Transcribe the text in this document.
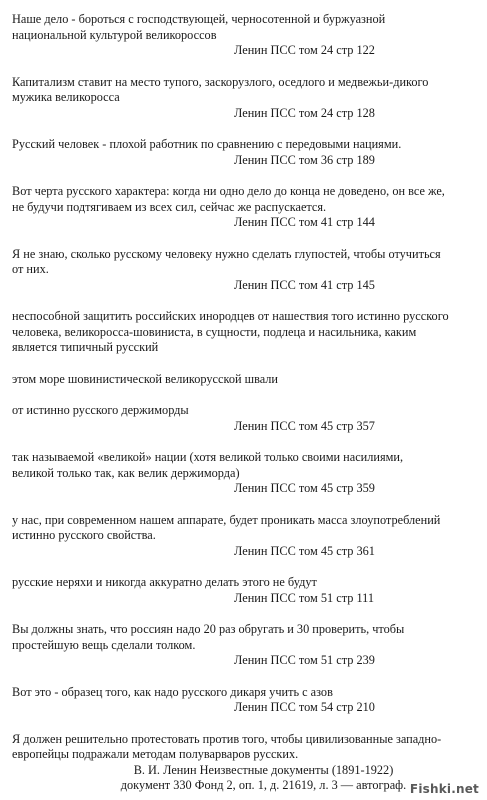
Наше дело - бороться с господствующей, черносотенной и буржуазной

национальной культурой великороссов

Ленин ПСС том 24 стр 122

Капитализм ставит на место тупого, заскорузлого, оседлого и медвежьи-дикого

мужика великоросса

Ленин ПСС том 24 стр 128

Русский человек - плохой работник по сравнению с передовыми нациями.

Ленин ПСС том 36 стр 189

Вот черта русского характера: когда ни одно дело до конца не доведено, он все же,

не будучи подтягиваем из всех сил, сейчас же распускается.

Ленин ПСС том 41 стр 144

Я не знаю, сколько русскому человеку нужно сделать глупостей, чтобы отучиться

от них.

Ленин ПСС том 41 стр 145

неспособной защитить российских инородцев от нашествия того истинно русского

человека, великоросса-шовиниста, в сущности, подлеца и насильника, каким

является типичный русский

этом море шовинистической великорусской швали

от истинно русского держиморды

Ленин ПСС том 45 стр 357

так называемой «великой» нации (хотя великой только своими насилиями,

великой только так, как велик держиморда)

Ленин ПСС том 45 стр 359

у нас, при современном нашем аппарате, будет проникать масса злоупотреблений

истинно русского свойства.

Ленин ПСС том 45 стр 361

русские неряхи и никогда аккуратно делать этого не будут

Ленин ПСС том 51 стр 111

Вы должны знать, что россиян надо 20 раз обругать и 30 проверить, чтобы

простейшую вещь сделали толком.

Ленин ПСС том 51 стр 239

Вот это - образец того, как надо русского дикаря учить с азов

Ленин ПСС том 54 стр 210

Я должен решительно протестовать против того, чтобы цивилизованные западно-

европейцы подражали методам полуварваров русских.

В. И. Ленин Неизвестные документы (1891-1922)

документ 330 Фонд 2, оп. 1, д. 21619, л. 3 — автограф. Fishki.net
